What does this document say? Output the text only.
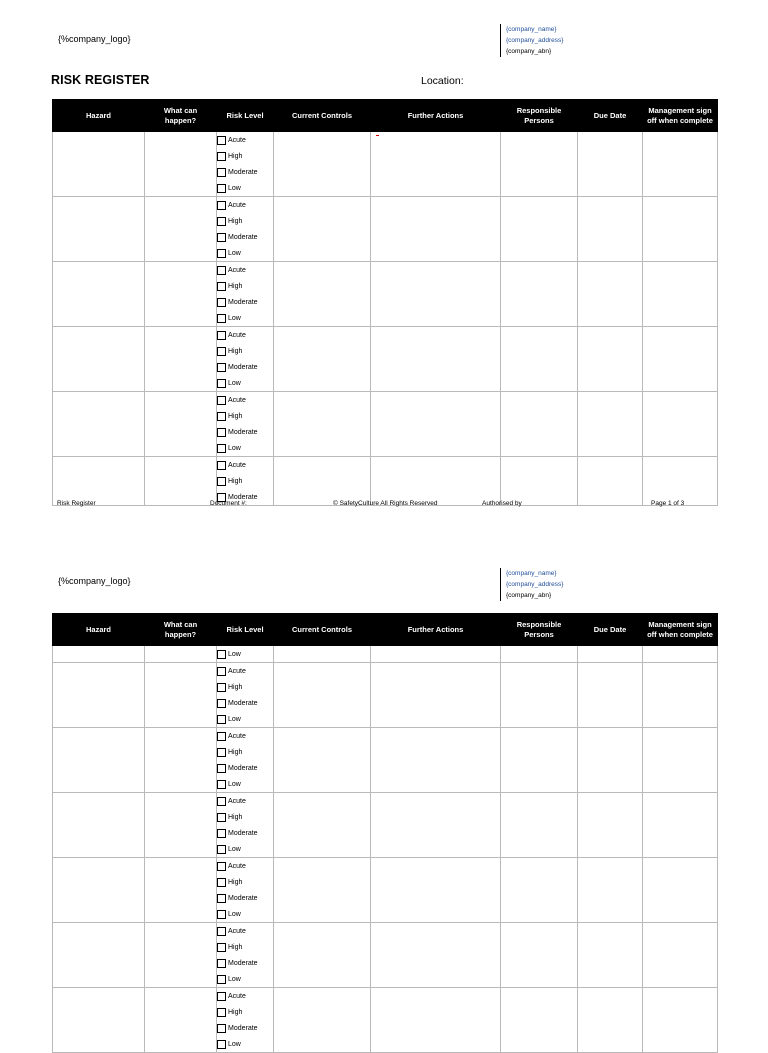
{%company_logo}
{company_name}
{company_address}
{company_abn}
RISK REGISTER	Location:
Hazard	What can happen?	Risk Level	Current Controls	Further Actions	Responsible Persons	Due Date	Management sign off when complete

		Acute
High
Moderate
Low					

		Acute
High
Moderate
Low					

		Acute
High
Moderate
Low					

		Acute
High
Moderate
Low					

		Acute
High
Moderate
Low					

		Acute
High
Moderate					

Risk Register	Document #:	© SafetyCulture All Rights Reserved	Authorised by	Page 1 of 3
{%company_logo}
{company_name}
{company_address}
{company_abn}
Hazard	What can happen?	Risk Level	Current Controls	Further Actions	Responsible Persons	Due Date	Management sign off when complete

		Low					

		Acute
High
Moderate
Low					

		Acute
High
Moderate
Low					

		Acute
High
Moderate
Low					

		Acute
High
Moderate
Low					

		Acute
High
Moderate
Low					

		Acute
High
Moderate
Low					
